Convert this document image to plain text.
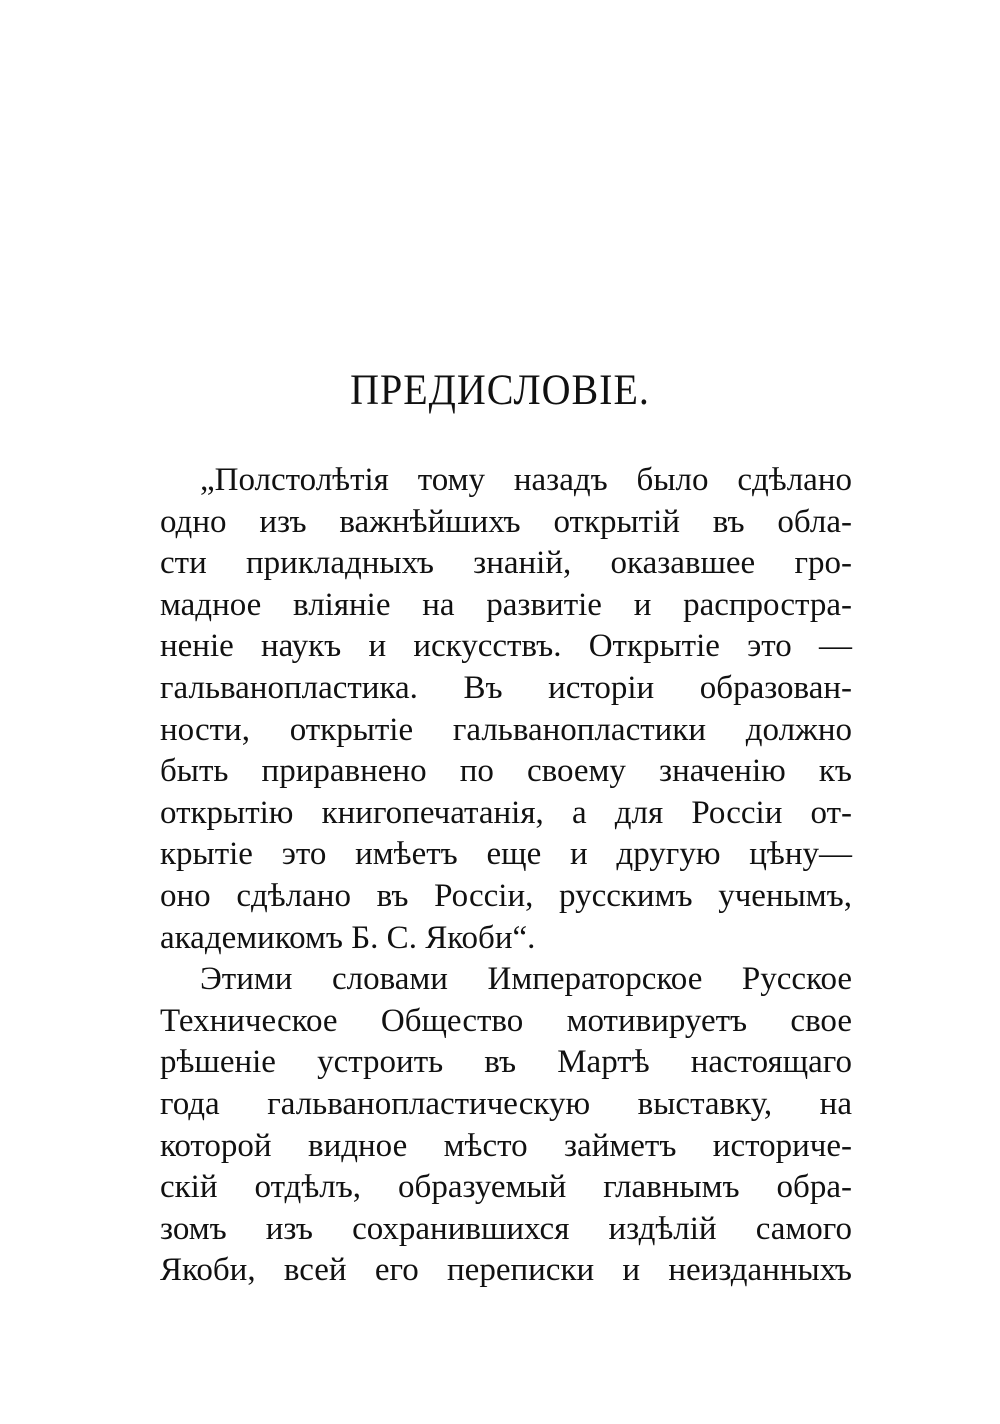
ПРЕДИСЛОВІЕ.
„Полстолѣтія тому назадъ было сдѣлано
одно изъ важнѣйшихъ открытій въ обла-
сти прикладныхъ знаній, оказавшее гро-
мадное вліяніе на развитіе и распростра-
неніе наукъ и искусствъ. Открытіе это —
гальванопластика. Въ исторіи образован-
ности, открытіе гальванопластики должно
быть приравнено по своему значенію къ
открытію книгопечатанія, а для Россіи от-
крытіе это имѣетъ еще и другую цѣну—
оно сдѣлано въ Россіи, русскимъ ученымъ,
академикомъ Б. С. Якоби“.
Этими словами Императорское Русское
Техническое Общество мотивируетъ свое
рѣшеніе устроить въ Мартѣ настоящаго
года гальванопластическую выставку, на
которой видное мѣсто займетъ историче-
скій отдѣлъ, образуемый главнымъ обра-
зомъ изъ сохранившихся издѣлій самого
Якоби, всей его переписки и неизданныхъ
